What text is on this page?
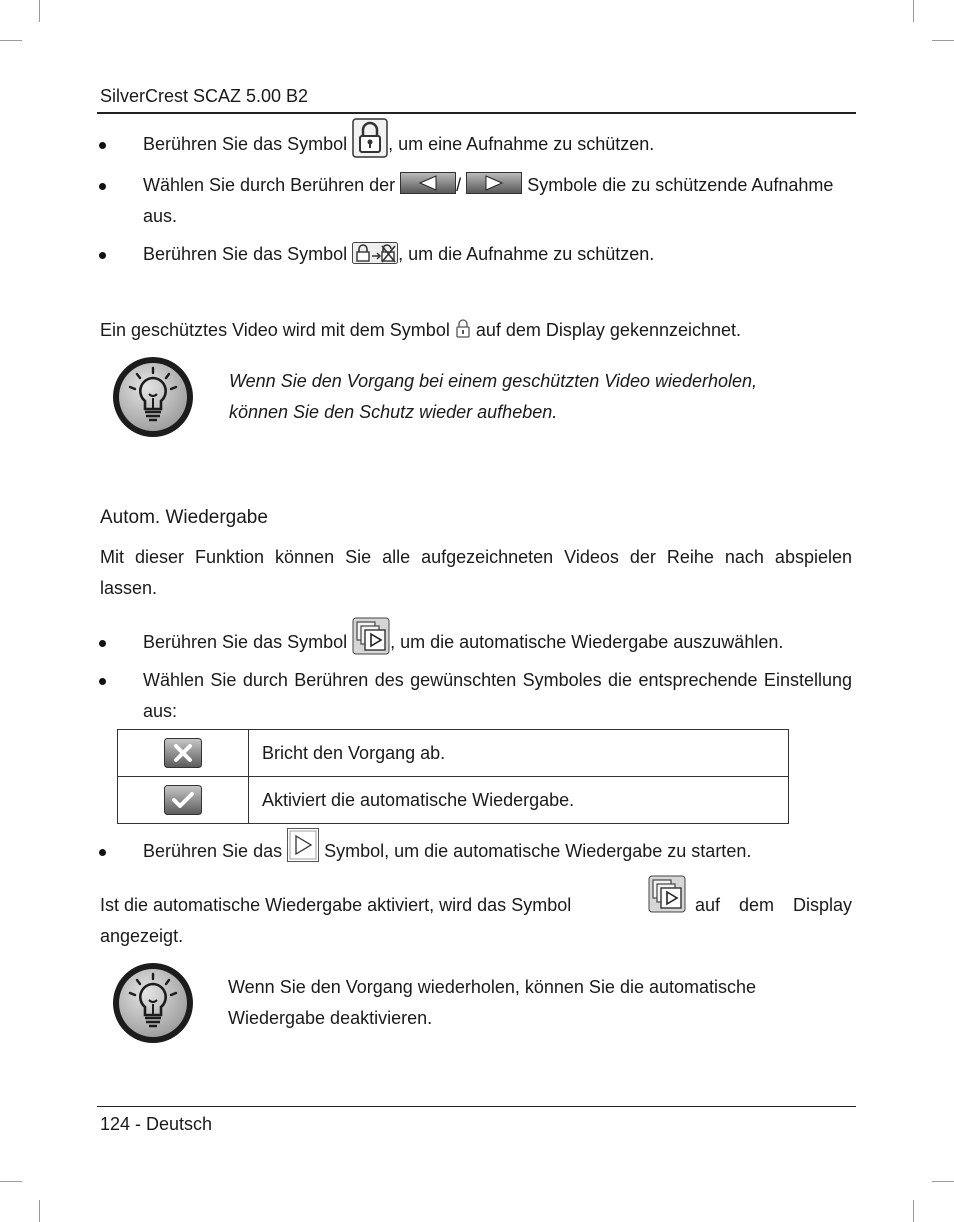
SilverCrest SCAZ 5.00 B2
Berühren Sie das Symbol , um eine Aufnahme zu schützen.
Wählen Sie durch Berühren der	/	Symbole die zu schützende Aufnahme
aus.
Berühren Sie das Symbol	, um die Aufnahme zu schützen.
Ein geschütztes Video wird mit dem Symbol auf dem Display gekennzeichnet.
Wenn Sie den Vorgang bei einem geschützten Video wiederholen,
können Sie den Schutz wieder aufheben.
Autom. Wiedergabe
Mit dieser Funktion können Sie alle aufgezeichneten Videos der Reihe nach abspielen
lassen.
Berühren Sie das Symbol , um die automatische Wiedergabe auszuwählen.
Wählen Sie durch Berühren des gewünschten Symboles die entsprechende Einstellung
aus:
	Bricht den Vorgang ab.

	Aktiviert die automatische Wiedergabe.
Berühren Sie das Symbol, um die automatische Wiedergabe zu starten.
Ist die automatische Wiedergabe aktiviert, wird das Symbol	auf dem Display
angezeigt.
Wenn Sie den Vorgang wiederholen, können Sie die automatische
Wiedergabe deaktivieren.
124 - Deutsch
